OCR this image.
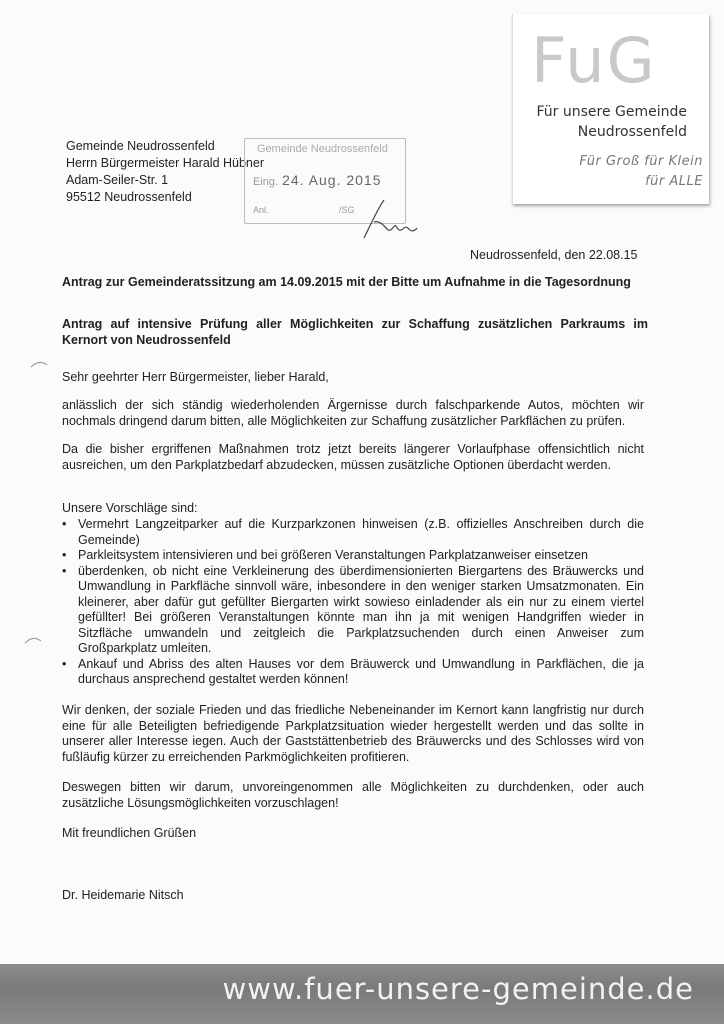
FuG
Für unsere Gemeinde
Neudrossenfeld
Für Groß für Klein
für ALLE
Gemeinde Neudrossenfeld
Herrn Bürgermeister Harald Hübner
Adam-Seiler-Str. 1
95512 Neudrossenfeld
Gemeinde Neudrossenfeld
Eing. 24. Aug. 2015
Anl.	/SG
Neudrossenfeld, den 22.08.15
Antrag zur Gemeinderatssitzung am 14.09.2015 mit der Bitte um Aufnahme in die Tagesordnung
Antrag auf intensive Prüfung aller Möglichkeiten zur Schaffung zusätzlichen Parkraums im Kernort von Neudrossenfeld
Sehr geehrter Herr Bürgermeister, lieber Harald,
anlässlich der sich ständig wiederholenden Ärgernisse durch falschparkende Autos, möchten wir nochmals dringend darum bitten, alle Möglichkeiten zur Schaffung zusätzlicher Parkflächen zu prüfen.
Da die bisher ergriffenen Maßnahmen trotz jetzt bereits längerer Vorlaufphase offensichtlich nicht ausreichen, um den Parkplatzbedarf abzudecken, müssen zusätzliche Optionen überdacht werden.
Unsere Vorschläge sind:
• Vermehrt Langzeitparker auf die Kurzparkzonen hinweisen (z.B. offizielles Anschreiben durch die Gemeinde)
• Parkleitsystem intensivieren und bei größeren Veranstaltungen Parkplatzanweiser einsetzen
• überdenken, ob nicht eine Verkleinerung des überdimensionierten Biergartens des Bräuwercks und Umwandlung in Parkfläche sinnvoll wäre, inbesondere in den weniger starken Umsatzmonaten. Ein kleinerer, aber dafür gut gefüllter Biergarten wirkt sowieso einladender als ein nur zu einem viertel gefüllter! Bei größeren Veranstaltungen könnte man ihn ja mit wenigen Handgriffen wieder in Sitzfläche umwandeln und zeitgleich die Parkplatzsuchenden durch einen Anweiser zum Großparkplatz umleiten.
• Ankauf und Abriss des alten Hauses vor dem Bräuwerck und Umwandlung in Parkflächen, die ja durchaus ansprechend gestaltet werden können!
Wir denken, der soziale Frieden und das friedliche Nebeneinander im Kernort kann langfristig nur durch eine für alle Beteiligten befriedigende Parkplatzsituation wieder hergestellt werden und das sollte in unserer aller Interesse iegen. Auch der Gaststättenbetrieb des Bräuwercks und des Schlosses wird von fußläufig kürzer zu erreichenden Parkmöglichkeiten profitieren.
Deswegen bitten wir darum, unvoreingenommen alle Möglichkeiten zu durchdenken, oder auch zusätzliche Lösungsmöglichkeiten vorzuschlagen!
Mit freundlichen Grüßen
Dr. Heidemarie Nitsch
www.fuer-unsere-gemeinde.de
